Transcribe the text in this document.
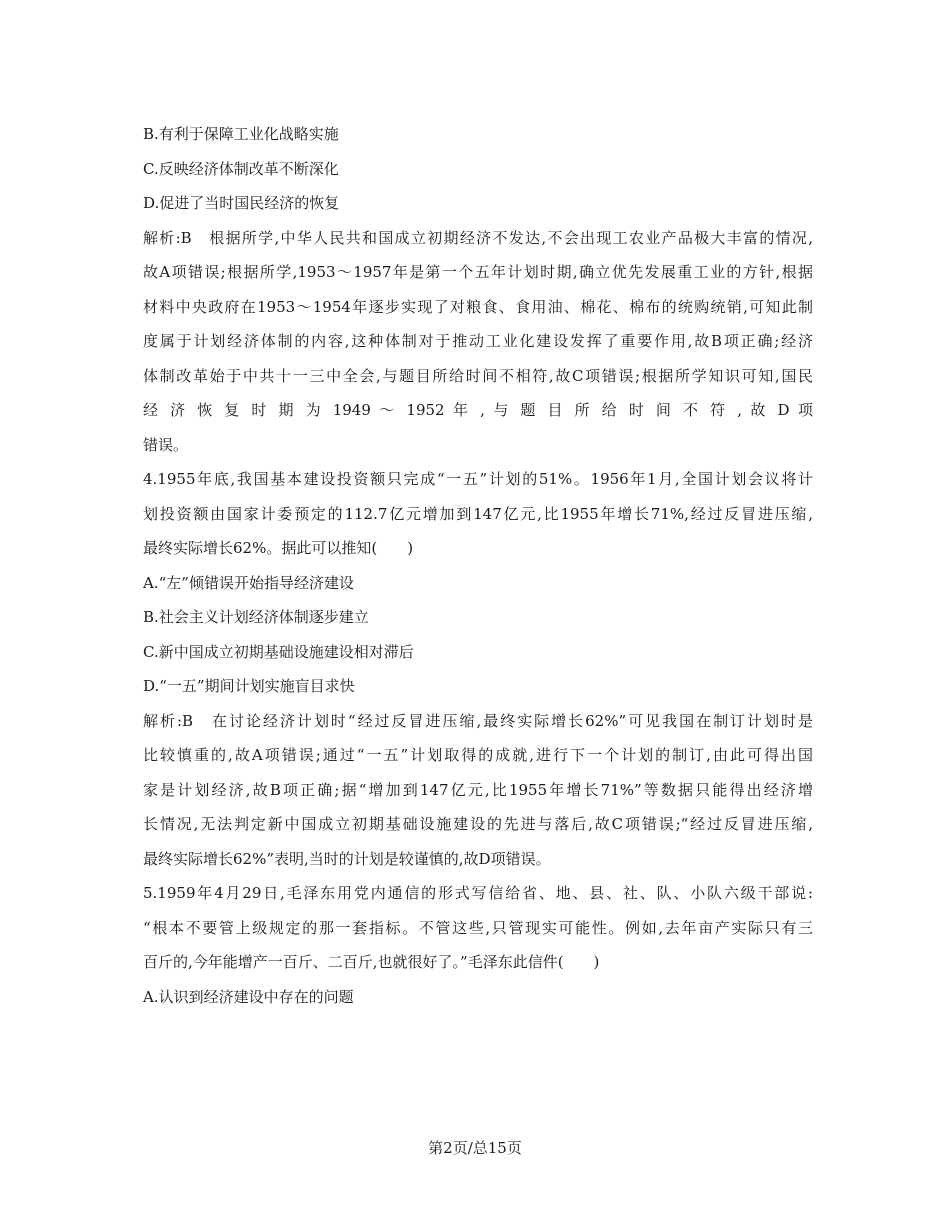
B.有利于保障工业化战略实施
C.反映经济体制改革不断深化
D.促进了当时国民经济的恢复
解析:B　根据所学,中华人民共和国成立初期经济不发达,不会出现工农业产品极大丰富的情况,
故A项错误;根据所学,1953～1957年是第一个五年计划时期,确立优先发展重工业的方针,根据
材料中央政府在1953～1954年逐步实现了对粮食、食用油、棉花、棉布的统购统销,可知此制
度属于计划经济体制的内容,这种体制对于推动工业化建设发挥了重要作用,故B项正确;经济
体制改革始于中共十一三中全会,与题目所给时间不相符,故C项错误;根据所学知识可知,国民
经 济 恢 复 时 期 为 1949 ～ 1952 年 , 与 题 目 所 给 时 间 不 符 , 故 D 项
错误。
4.1955年底,我国基本建设投资额只完成“一五”计划的51%。1956年1月,全国计划会议将计
划投资额由国家计委预定的112.7亿元增加到147亿元,比1955年增长71%,经过反冒进压缩,
最终实际增长62%。据此可以推知(　　)
A.“左”倾错误开始指导经济建设
B.社会主义计划经济体制逐步建立
C.新中国成立初期基础设施建设相对滞后
D.“一五”期间计划实施盲目求快
解析:B　在讨论经济计划时“经过反冒进压缩,最终实际增长62%”可见我国在制订计划时是
比较慎重的,故A项错误;通过“一五”计划取得的成就,进行下一个计划的制订,由此可得出国
家是计划经济,故B项正确;据“增加到147亿元,比1955年增长71%”等数据只能得出经济增
长情况,无法判定新中国成立初期基础设施建设的先进与落后,故C项错误;“经过反冒进压缩,
最终实际增长62%”表明,当时的计划是较谨慎的,故D项错误。
5.1959年4月29日,毛泽东用党内通信的形式写信给省、地、县、社、队、小队六级干部说:
“根本不要管上级规定的那一套指标。不管这些,只管现实可能性。例如,去年亩产实际只有三
百斤的,今年能增产一百斤、二百斤,也就很好了。”毛泽东此信件(　　)
A.认识到经济建设中存在的问题
第2页/总15页
